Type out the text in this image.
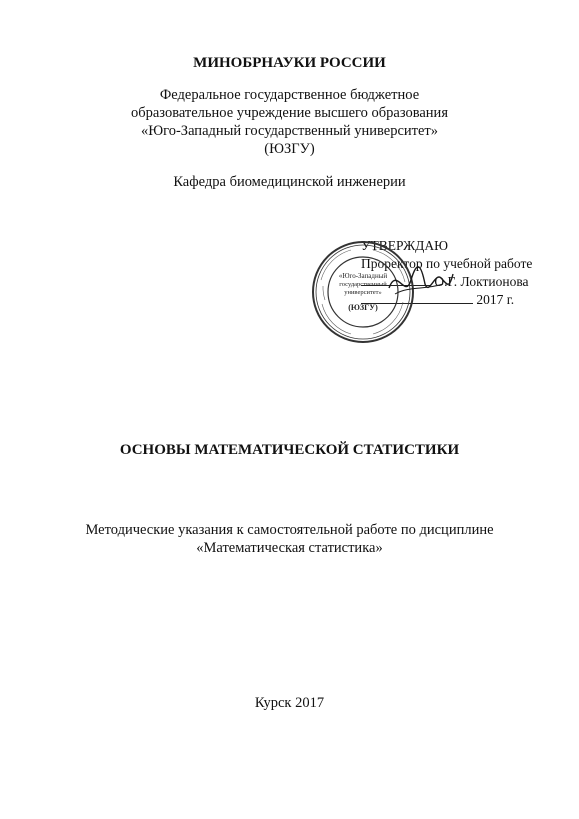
МИНОБРНАУКИ РОССИИ
Федеральное государственное бюджетное
образовательное учреждение высшего образования
«Юго-Западный государственный университет»
(ЮЗГУ)
Кафедра биомедицинской инженерии
УТВЕРЖДАЮ
Проректор по учебной работе
О.Г. Локтионова
2017 г.
«Юго-Западный
государственный
университет»
(ЮЗГУ)
ОСНОВЫ МАТЕМАТИЧЕСКОЙ СТАТИСТИКИ
Методические указания к самостоятельной работе по дисциплине
«Математическая статистика»
Курск 2017
